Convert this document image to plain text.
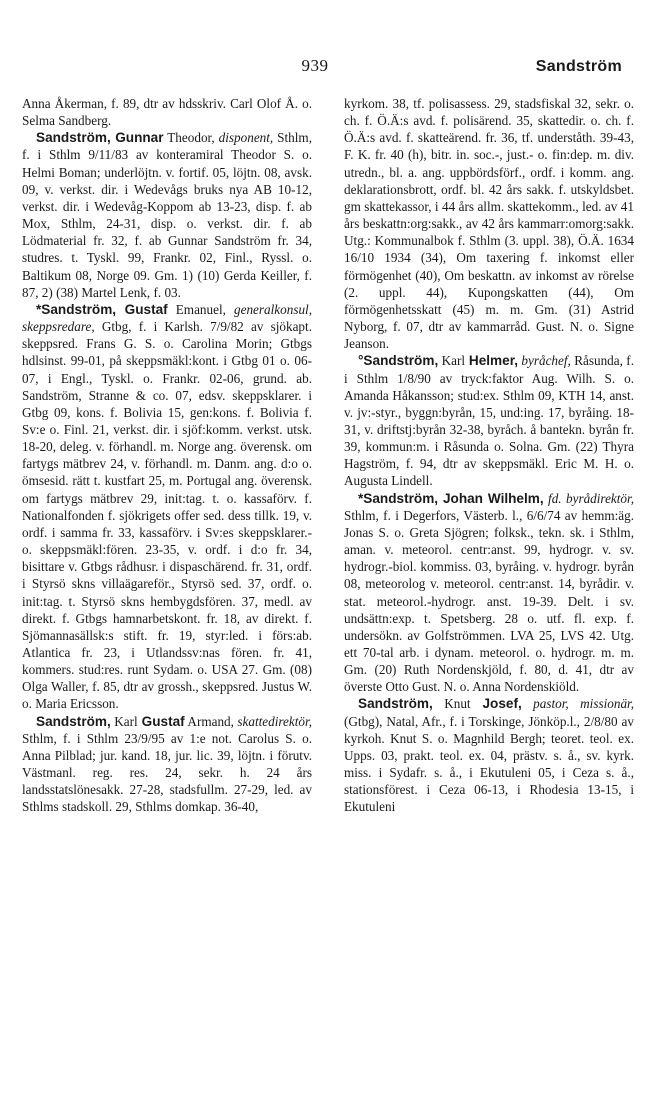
939	Sandström

Anna Åkerman, f. 89, dtr av hdsskriv. Carl Olof Å. o. Selma Sandberg.

Sandström, Gunnar Theodor, disponent, Sthlm, f. i Sthlm 9/11/83 av konteramiral Theodor S. o. Helmi Boman; underlöjtn. v. fortif. 05, löjtn. 08, avsk. 09, v. verkst. dir. i Wedevågs bruks nya AB 10-12, verkst. dir. i Wedevåg-Koppom ab 13-23, disp. f. ab Mox, Sthlm, 24-31, disp. o. verkst. dir. f. ab Lödmaterial fr. 32, f. ab Gunnar Sandström fr. 34, studres. t. Tyskl. 99, Frankr. 02, Finl., Ryssl. o. Baltikum 08, Norge 09. Gm. 1) (10) Gerda Keiller, f. 87, 2) (38) Martel Lenk, f. 03.

*Sandström, Gustaf Emanuel, generalkonsul, skeppsredare, Gtbg, f. i Karlsh. 7/9/82 av sjökapt. skeppsred. Frans G. S. o. Carolina Morin; Gtbgs hdlsinst. 99-01, på skeppsmäkl:kont. i Gtbg 01 o. 06-07, i Engl., Tyskl. o. Frankr. 02-06, grund. ab. Sandström, Stranne & co. 07, edsv. skeppsklarer. i Gtbg 09, kons. f. Bolivia 15, gen:kons. f. Bolivia f. Sv:e o. Finl. 21, verkst. dir. i sjöf:komm. verkst. utsk. 18-20, deleg. v. förhandl. m. Norge ang. överensk. om fartygs mätbrev 24, v. förhandl. m. Danm. ang. d:o o. ömsesid. rätt t. kustfart 25, m. Portugal ang. överensk. om fartygs mätbrev 29, init:tag. t. o. kassaförv. f. Nationalfonden f. sjökrigets offer sed. dess tillk. 19, v. ordf. i samma fr. 33, kassaförv. i Sv:es skeppsklarer.- o. skeppsmäkl:fören. 23-35, v. ordf. i d:o fr. 34, bisittare v. Gtbgs rådhusr. i dispaschärend. fr. 31, ordf. i Styrsö skns villaägareför., Styrsö sed. 37, ordf. o. init:tag. t. Styrsö skns hembygdsfören. 37, medl. av direkt. f. Gtbgs hamnarbetskont. fr. 18, av direkt. f. Sjömannasällsk:s stift. fr. 19, styr:led. i förs:ab. Atlantica fr. 23, i Utlandssv:nas fören. fr. 41, kommers. stud:res. runt Sydam. o. USA 27. Gm. (08) Olga Waller, f. 85, dtr av grossh., skeppsred. Justus W. o. Maria Ericsson.

Sandström, Karl Gustaf Armand, skattedirektör, Sthlm, f. i Sthlm 23/9/95 av 1:e not. Carolus S. o. Anna Pilblad; jur. kand. 18, jur. lic. 39, löjtn. i förutv. Västmanl. reg. res. 24, sekr. h. 24 års landsstatslönesakk. 27-28, stadsfullm. 27-29, led. av Sthlms stadskoll. 29, Sthlms domkap. 36-40,

kyrkom. 38, tf. polisassess. 29, stadsfiskal 32, sekr. o. ch. f. Ö.Ä:s avd. f. polisärend. 35, skattedir. o. ch. f. Ö.Ä:s avd. f. skatteärend. fr. 36, tf. underståth. 39-43, F. K. fr. 40 (h), bitr. in. soc.-, just.- o. fin:dep. m. div. utredn., bl. a. ang. uppbördsförf., ordf. i komm. ang. deklarationsbrott, ordf. bl. 42 års sakk. f. utskyldsbet. gm skattekassor, i 44 års allm. skattekomm., led. av 41 års beskattn:org:sakk., av 42 års kammarr:omorg:sakk. Utg.: Kommunalbok f. Sthlm (3. uppl. 38), Ö.Ä. 1634 16/10 1934 (34), Om taxering f. inkomst eller förmögenhet (40), Om beskattn. av inkomst av rörelse (2. uppl. 44), Kupongskatten (44), Om förmögenhetsskatt (45) m. m. Gm. (31) Astrid Nyborg, f. 07, dtr av kammarråd. Gust. N. o. Signe Jeanson.

°Sandström, Karl Helmer, byråchef, Råsunda, f. i Sthlm 1/8/90 av tryck:faktor Aug. Wilh. S. o. Amanda Håkansson; stud:ex. Sthlm 09, KTH 14, anst. v. jv:-styr., byggn:byrån, 15, und:ing. 17, byråing. 18-31, v. driftstj:byrån 32-38, byråch. å bantekn. byrån fr. 39, kommun:m. i Råsunda o. Solna. Gm. (22) Thyra Hagström, f. 94, dtr av skeppsmäkl. Eric M. H. o. Augusta Lindell.

*Sandström, Johan Wilhelm, fd. byrådirektör, Sthlm, f. i Degerfors, Västerb. l., 6/6/74 av hemm:äg. Jonas S. o. Greta Sjögren; folksk., tekn. sk. i Sthlm, aman. v. meteorol. centr:anst. 99, hydrogr. v. sv. hydrogr.-biol. kommiss. 03, byråing. v. hydrogr. byrån 08, meteorolog v. meteorol. centr:anst. 14, byrådir. v. stat. meteorol.-hydrogr. anst. 19-39. Delt. i sv. undsättn:exp. t. Spetsberg. 28 o. utf. fl. exp. f. undersökn. av Golfströmmen. LVA 25, LVS 42. Utg. ett 70-tal arb. i dynam. meteorol. o. hydrogr. m. m. Gm. (20) Ruth Nordenskjöld, f. 80, d. 41, dtr av överste Otto Gust. N. o. Anna Nordenskiöld.

Sandström, Knut Josef, pastor, missionär, (Gtbg), Natal, Afr., f. i Torskinge, Jönköp.l., 2/8/80 av kyrkoh. Knut S. o. Magnhild Bergh; teoret. teol. ex. Upps. 03, prakt. teol. ex. 04, prästv. s. å., sv. kyrk. miss. i Sydafr. s. å., i Ekutuleni 05, i Ceza s. å., stationsförest. i Ceza 06-13, i Rhodesia 13-15, i Ekutuleni
